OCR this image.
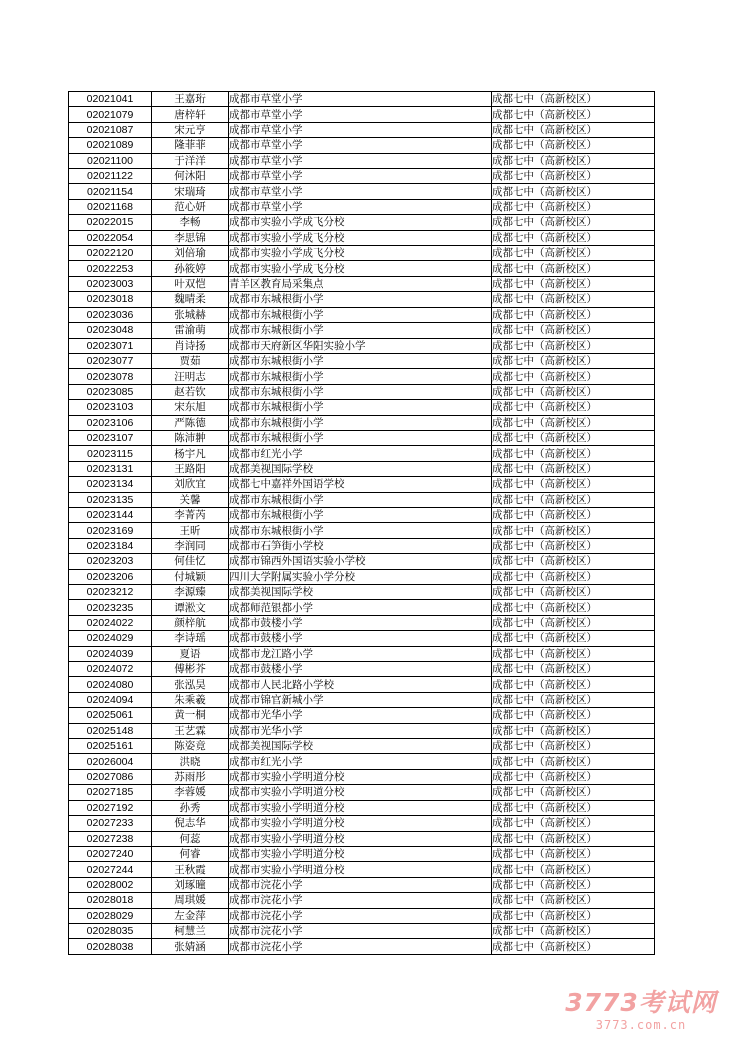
02021041	王嘉珩	成都市草堂小学	成都七中（高新校区）
02021079	唐梓轩	成都市草堂小学	成都七中（高新校区）
02021087	宋元亨	成都市草堂小学	成都七中（高新校区）
02021089	隆菲菲	成都市草堂小学	成都七中（高新校区）
02021100	于洋洋	成都市草堂小学	成都七中（高新校区）
02021122	何沐阳	成都市草堂小学	成都七中（高新校区）
02021154	宋瑞琦	成都市草堂小学	成都七中（高新校区）
02021168	范心妍	成都市草堂小学	成都七中（高新校区）
02022015	李畅	成都市实验小学成飞分校	成都七中（高新校区）
02022054	李思锦	成都市实验小学成飞分校	成都七中（高新校区）
02022120	刘倍瑜	成都市实验小学成飞分校	成都七中（高新校区）
02022253	孙筱婷	成都市实验小学成飞分校	成都七中（高新校区）
02023003	叶双恺	青羊区教育局采集点	成都七中（高新校区）
02023018	魏晴柔	成都市东城根街小学	成都七中（高新校区）
02023036	张城赫	成都市东城根街小学	成都七中（高新校区）
02023048	雷渝萌	成都市东城根街小学	成都七中（高新校区）
02023071	肖诗扬	成都市天府新区华阳实验小学	成都七中（高新校区）
02023077	贾茹	成都市东城根街小学	成都七中（高新校区）
02023078	汪明志	成都市东城根街小学	成都七中（高新校区）
02023085	赵若钦	成都市东城根街小学	成都七中（高新校区）
02023103	宋东旭	成都市东城根街小学	成都七中（高新校区）
02023106	严陈德	成都市东城根街小学	成都七中（高新校区）
02023107	陈沛翀	成都市东城根街小学	成都七中（高新校区）
02023115	杨宇凡	成都市红光小学	成都七中（高新校区）
02023131	王路阳	成都美视国际学校	成都七中（高新校区）
02023134	刘欣宜	成都七中嘉祥外国语学校	成都七中（高新校区）
02023135	关馨	成都市东城根街小学	成都七中（高新校区）
02023144	李菁芮	成都市东城根街小学	成都七中（高新校区）
02023169	王昕	成都市东城根街小学	成都七中（高新校区）
02023184	李润同	成都市石笋街小学校	成都七中（高新校区）
02023203	何佳忆	成都市锦西外国语实验小学校	成都七中（高新校区）
02023206	付城颖	四川大学附属实验小学分校	成都七中（高新校区）
02023212	李源臻	成都美视国际学校	成都七中（高新校区）
02023235	谭淞文	成都师范银都小学	成都七中（高新校区）
02024022	颜梓航	成都市鼓楼小学	成都七中（高新校区）
02024029	李诗瑶	成都市鼓楼小学	成都七中（高新校区）
02024039	夏语	成都市龙江路小学	成都七中（高新校区）
02024072	傅彬芥	成都市鼓楼小学	成都七中（高新校区）
02024080	张泓昊	成都市人民北路小学校	成都七中（高新校区）
02024094	朱乘羲	成都市锦官新城小学	成都七中（高新校区）
02025061	黄一桐	成都市光华小学	成都七中（高新校区）
02025148	王艺霖	成都市光华小学	成都七中（高新校区）
02025161	陈姿竟	成都美视国际学校	成都七中（高新校区）
02026004	洪晓	成都市红光小学	成都七中（高新校区）
02027086	苏雨彤	成都市实验小学明道分校	成都七中（高新校区）
02027185	李蓉媛	成都市实验小学明道分校	成都七中（高新校区）
02027192	孙秀	成都市实验小学明道分校	成都七中（高新校区）
02027233	倪志华	成都市实验小学明道分校	成都七中（高新校区）
02027238	何蕊	成都市实验小学明道分校	成都七中（高新校区）
02027240	何睿	成都市实验小学明道分校	成都七中（高新校区）
02027244	王秋霞	成都市实验小学明道分校	成都七中（高新校区）
02028002	刘琢曈	成都市浣花小学	成都七中（高新校区）
02028018	周琪媛	成都市浣花小学	成都七中（高新校区）
02028029	左金萍	成都市浣花小学	成都七中（高新校区）
02028035	柯慧兰	成都市浣花小学	成都七中（高新校区）
02028038	张婧涵	成都市浣花小学	成都七中（高新校区）
3773考试网
3773.com.cn
